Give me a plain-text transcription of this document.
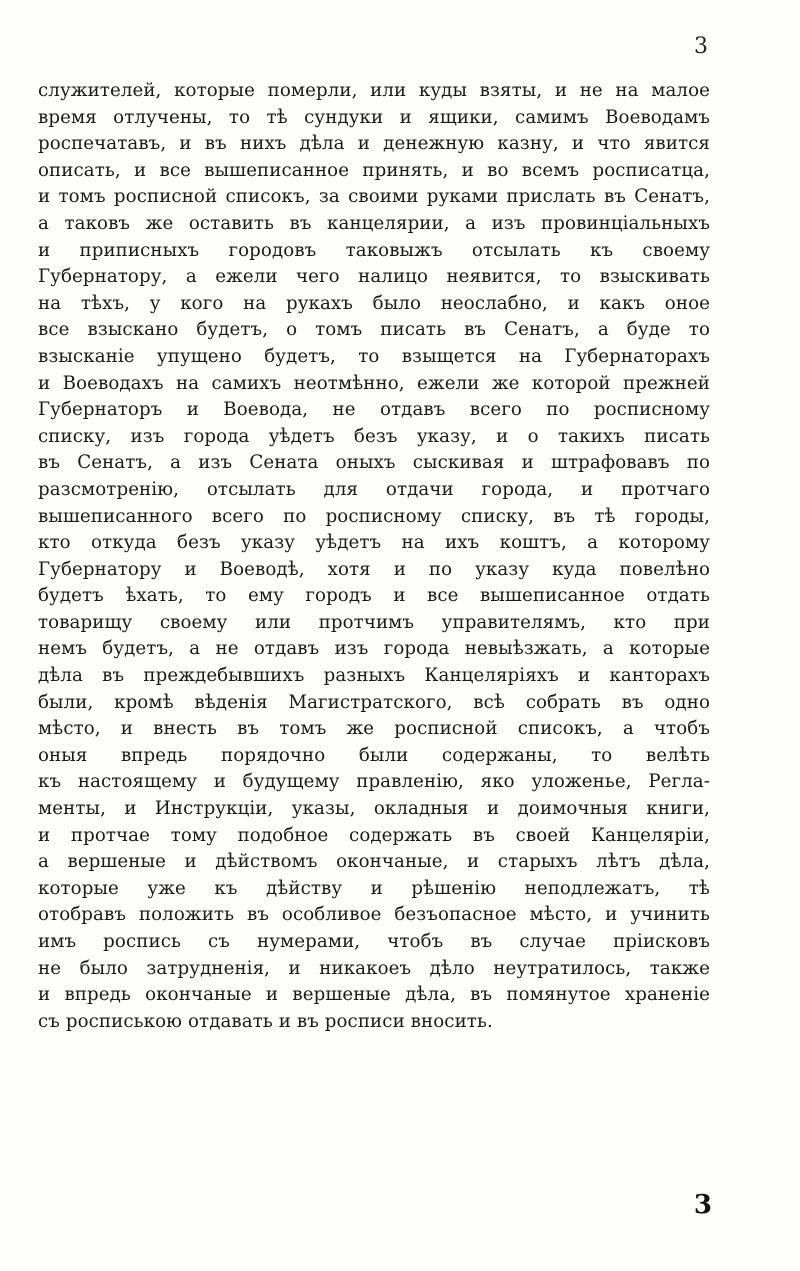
3
служителей, которые померли, или куды взяты, и не на малое
время отлучены, то тѣ сундуки и ящики, самимъ Воеводамъ
роспечатавъ, и въ нихъ дѣла и денежную казну, и что явится
описать, и все вышеписанное принять, и во всемъ росписатца,
и томъ росписной списокъ, за своими руками прислать въ Сенатъ,
а таковъ же оставить въ канцелярии, а изъ провинцiальныхъ
и приписныхъ городовъ таковыжъ отсылать къ своему
Губернатору, а ежели чего налицо неявится, то взыскивать
на тѣхъ, у кого на рукахъ было неослабно, и какъ оное
все взыскано будетъ, о томъ писать въ Сенатъ, а буде то
взысканiе упущено будетъ, то взыщется на Губернаторахъ
и Воеводахъ на самихъ неотмѣнно, ежели же которой прежней
Губернаторъ и Воевода, не отдавъ всего по росписному
списку, изъ города уѣдетъ безъ указу, и о такихъ писать
въ Сенатъ, а изъ Сената оныхъ сыскивая и штрафовавъ по
разсмотренiю, отсылать для отдачи города, и протчаго
вышеписанного всего по росписному списку, въ тѣ городы,
кто откуда безъ указу уѣдетъ на ихъ коштъ, а которому
Губернатору и Воеводѣ, хотя и по указу куда повелѣно
будетъ ѣхать, то ему городъ и все вышеписанное отдать
товарищу своему или протчимъ управителямъ, кто при
немъ будетъ, а не отдавъ изъ города невыѣзжать, а которые
дѣла въ преждебывшихъ разныхъ Канцелярiяхъ и канторахъ
были, кромѣ вѣденiя Магистратского, всѣ собрать въ одно
мѣсто, и внесть въ томъ же росписной списокъ, а чтобъ
оныя впредь порядочно были содержаны, то велѣть
къ настоящему и будущему правленiю, яко уложенье, Регла-
менты, и Инструкцiи, указы, окладныя и доимочныя книги,
и протчае тому подобное содержать въ своей Канцелярiи,
а вершеные и дѣйствомъ окончаные, и старыхъ лѣтъ дѣла,
которые уже къ дѣйству и рѣшенiю неподлежатъ, тѣ
отобравъ положить въ особливое безъопасное мѣсто, и учинить
имъ роспись съ нумерами, чтобъ въ случае прiисковъ
не было затрудненiя, и никакоеъ дѣло неутратилось, также
и впредь окончаные и вершеные дѣла, въ помянутое храненiе
съ роспиською отдавать и въ росписи вносить.
3
